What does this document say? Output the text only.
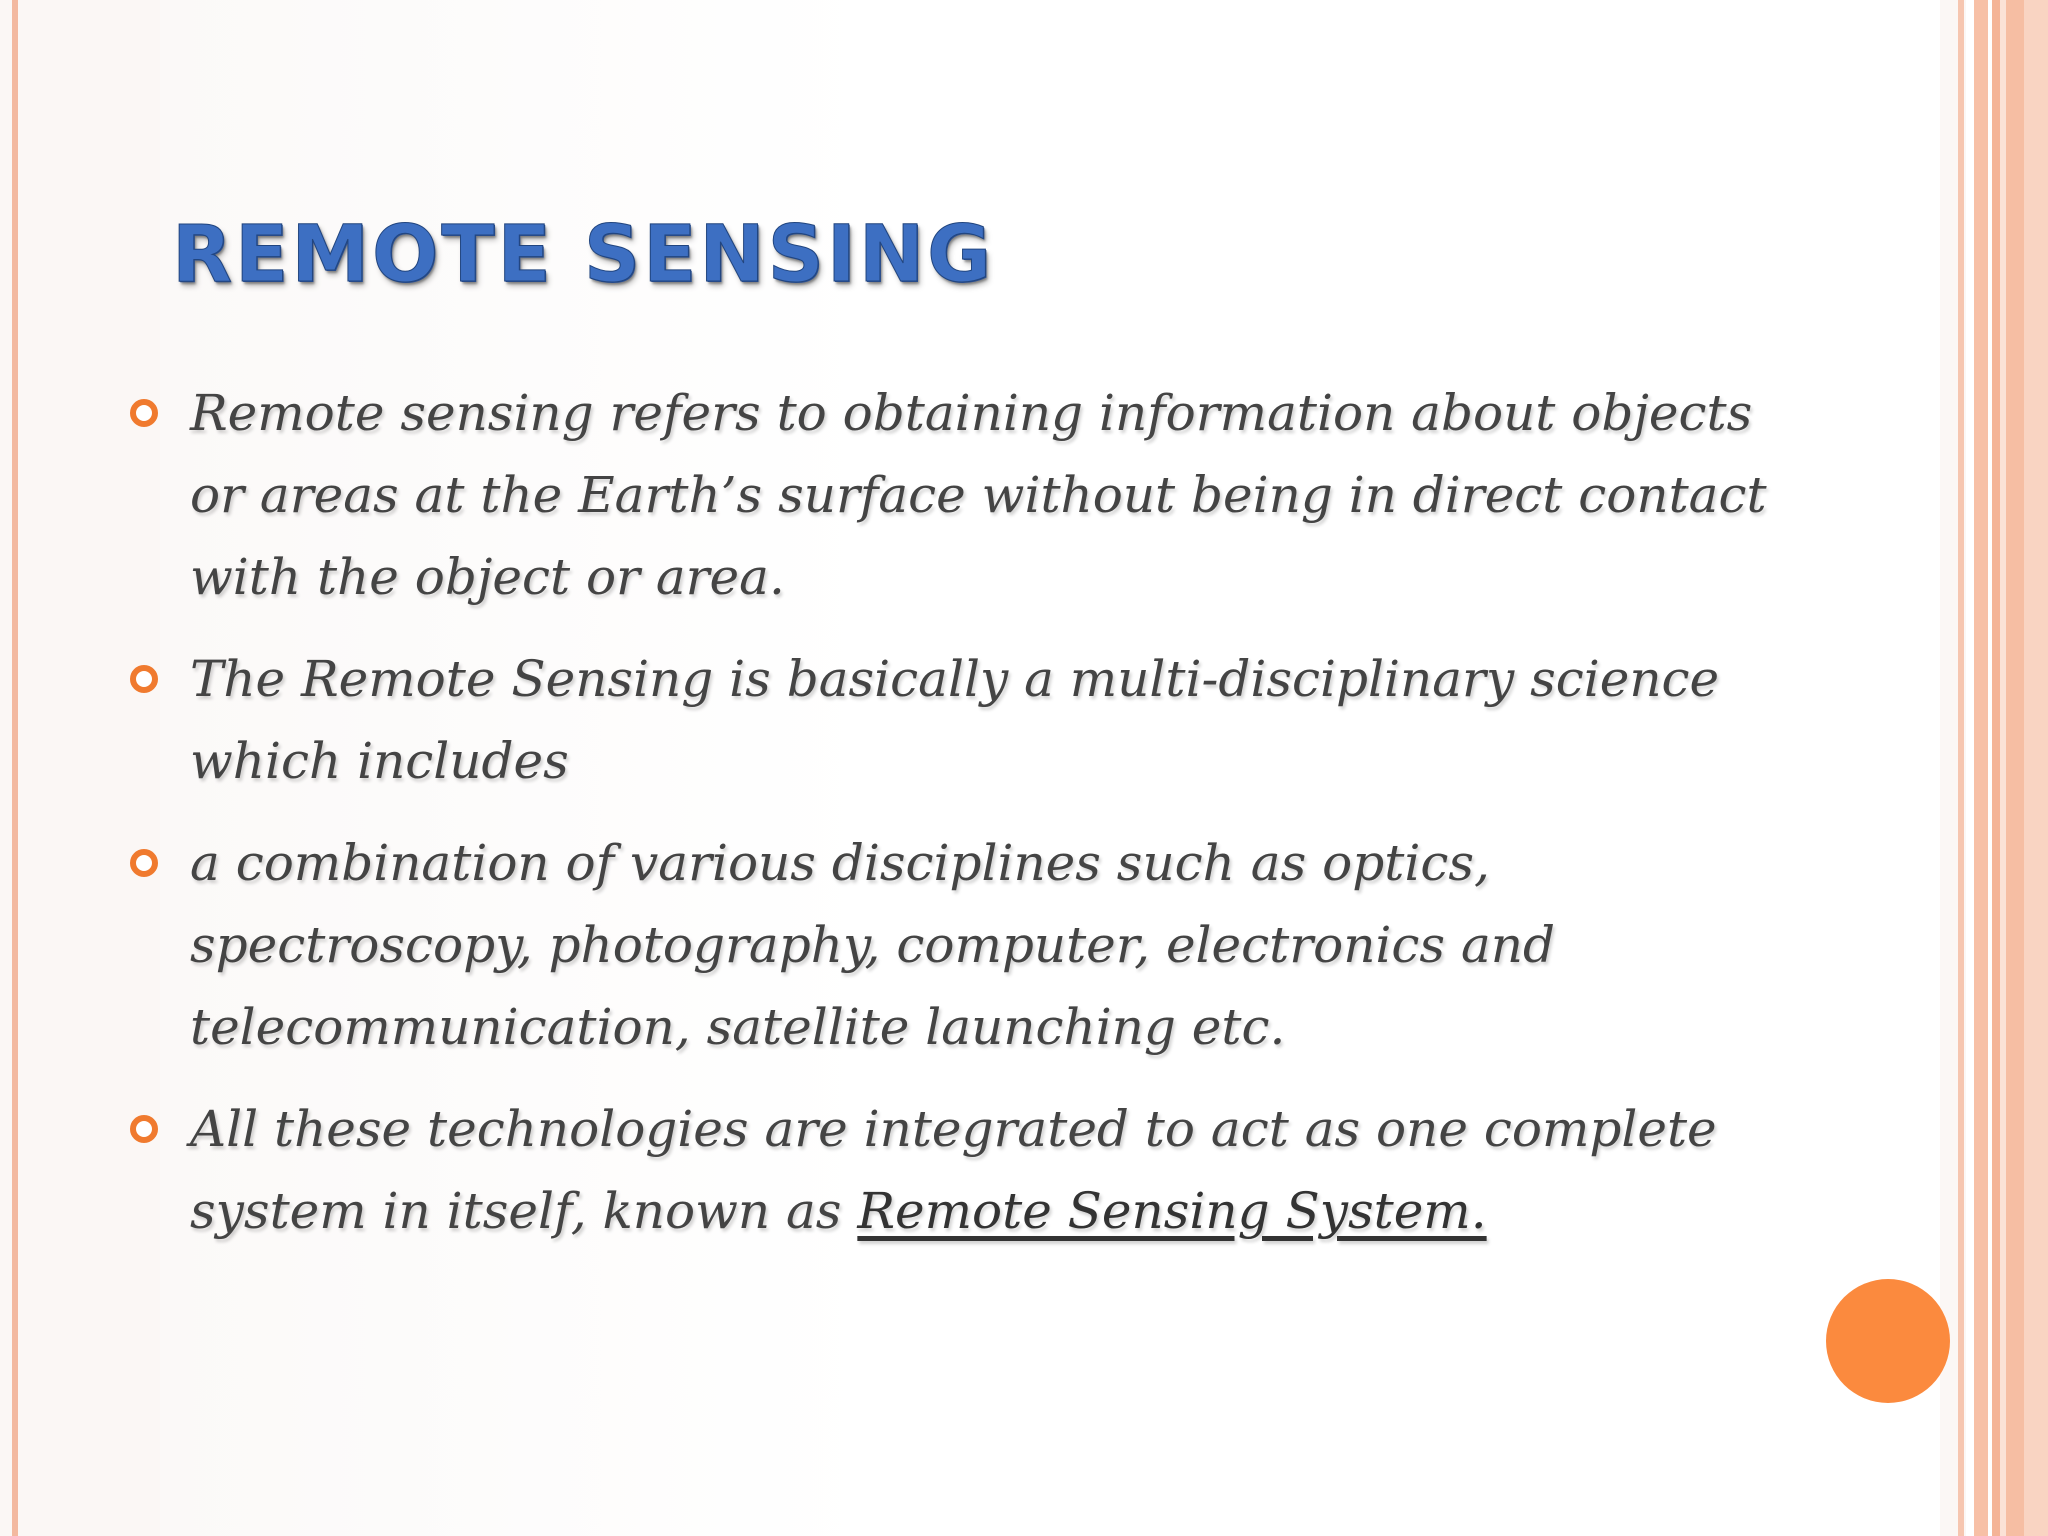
REMOTE SENSING
Remote sensing refers to obtaining information about objects or areas at the Earth’s surface without being in direct contact with the object or area.
The Remote Sensing is basically a multi-disciplinary science which includes
a combination of various disciplines such as optics, spectroscopy, photography, computer, electronics and telecommunication, satellite launching etc.
All these technologies are integrated to act as one complete system in itself, known as Remote Sensing System.
